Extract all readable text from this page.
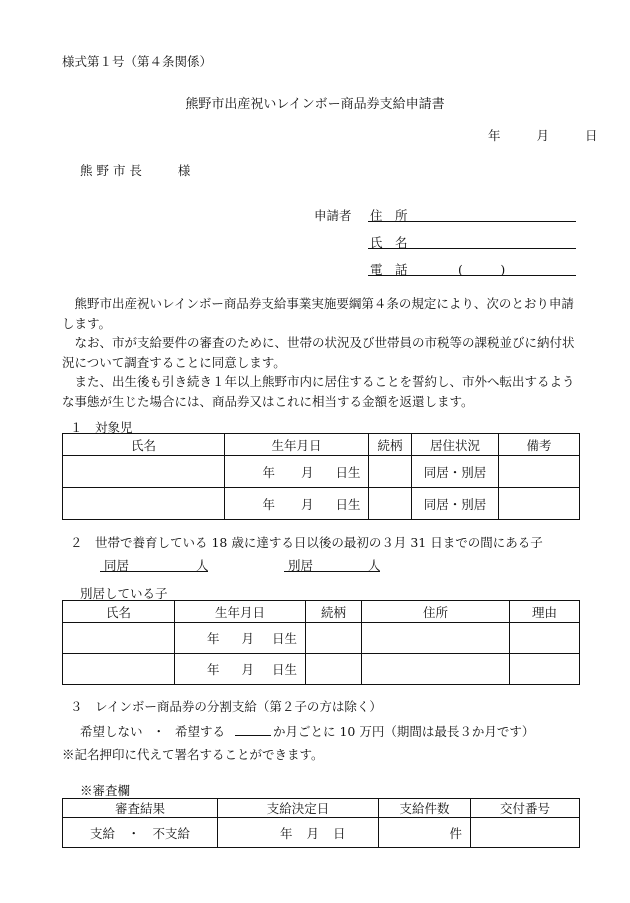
様式第１号（第４条関係）
熊野市出産祝いレインボー商品券支給申請書
年	月	日
熊 野 市 長	様
申請者 住　所
氏　名
電　話	(　　　)
　熊野市出産祝いレインボー商品券支給事業実施要綱第４条の規定により、次のとおり申請します。
　なお、市が支給要件の審査のために、世帯の状況及び世帯員の市税等の課税並びに納付状況について調査することに同意します。
　また、出生後も引き続き１年以上熊野市内に居住することを誓約し、市外へ転出するような事態が生じた場合には、商品券又はこれに相当する金額を返還します。
１　対象児
氏名	生年月日	続柄	居住状況	備考
	年 月 日生		同居・別居	
	年 月 日生		同居・別居	
２　世帯で養育している 18 歳に達する日以後の最初の３月 31 日までの間にある子
同居	人	別居	人
別居している子
氏名	生年月日	続柄	住所	理由
	年 月 日生			
	年 月 日生			
３　レインボー商品券の分割支給（第２子の方は除く）
希望しない ・ 希望する	か月ごとに 10 万円（期間は最長３か月です）
※記名押印に代えて署名することができます。
※審査欄
審査結果	支給決定日	支給件数	交付番号
支給　・　不支給	年 月 日	件	
